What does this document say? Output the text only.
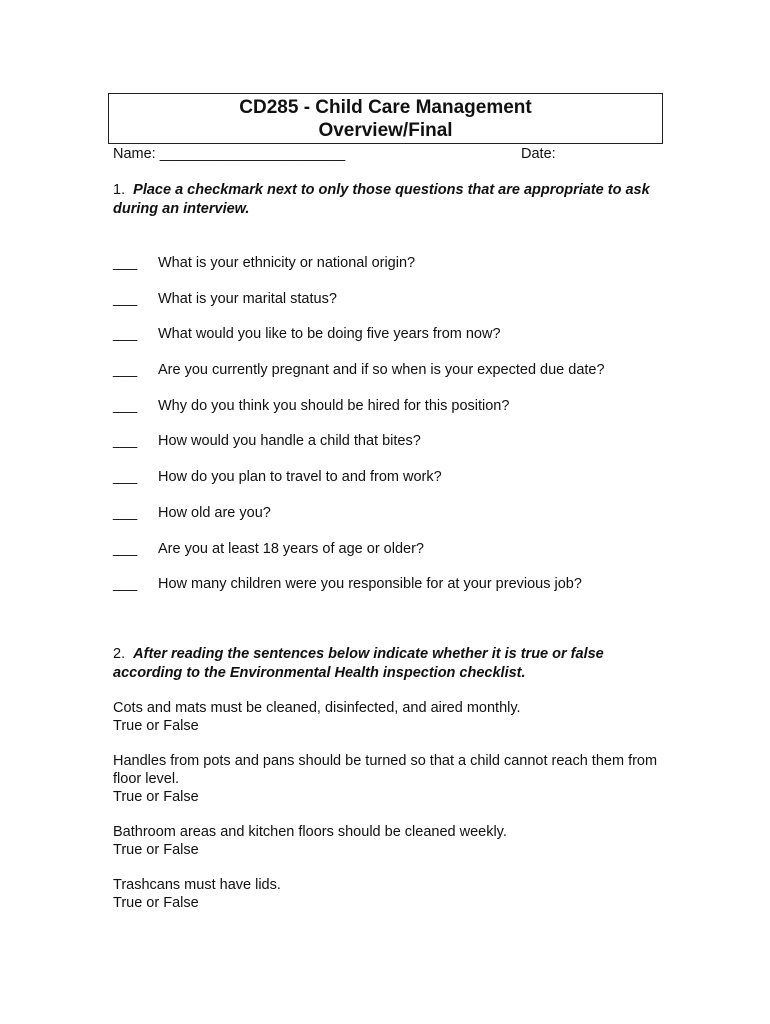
CD285 - Child Care Management
Overview/Final
Name: _______________________	Date:
1. Place a checkmark next to only those questions that are appropriate to ask during an interview.
___ What is your ethnicity or national origin?
___ What is your marital status?
___ What would you like to be doing five years from now?
___ Are you currently pregnant and if so when is your expected due date?
___ Why do you think you should be hired for this position?
___ How would you handle a child that bites?
___ How do you plan to travel to and from work?
___ How old are you?
___ Are you at least 18 years of age or older?
___ How many children were you responsible for at your previous job?
2. After reading the sentences below indicate whether it is true or false according to the Environmental Health inspection checklist.

Cots and mats must be cleaned, disinfected, and aired monthly.
True or False

Handles from pots and pans should be turned so that a child cannot reach them from floor level.
True or False

Bathroom areas and kitchen floors should be cleaned weekly.
True or False

Trashcans must have lids.
True or False
